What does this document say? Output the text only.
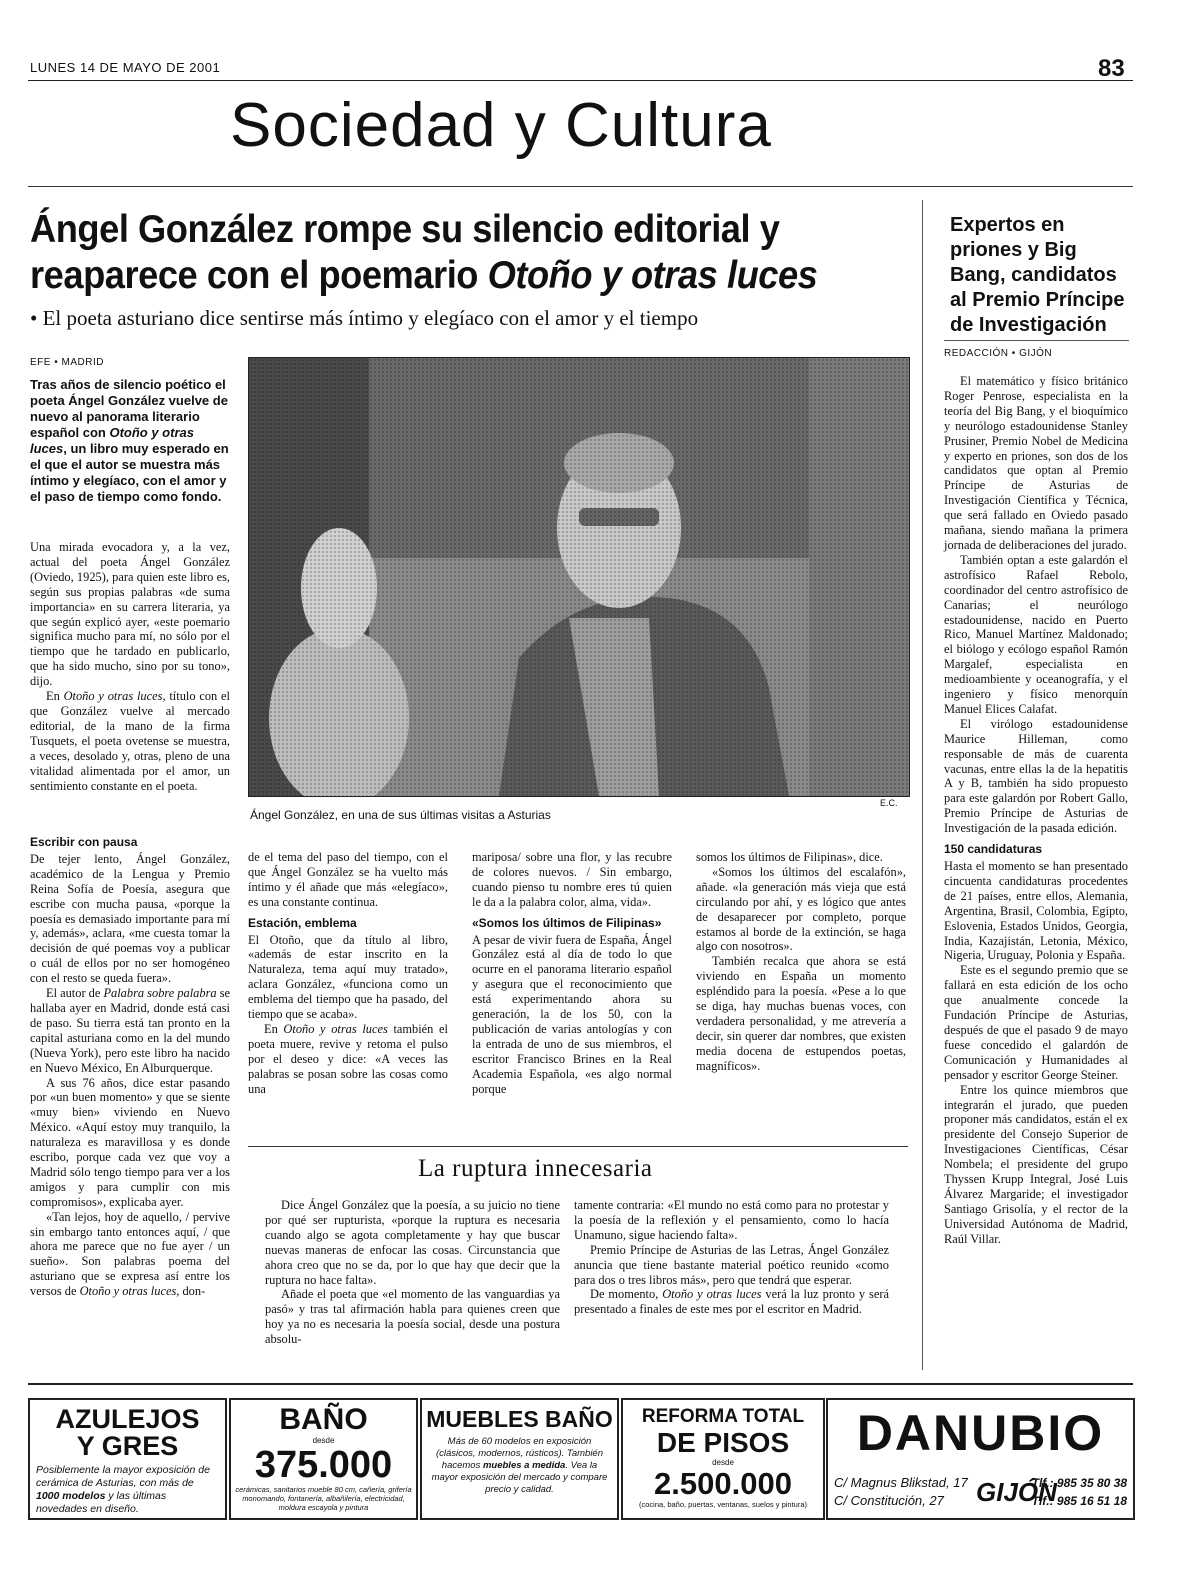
LUNES 14 DE MAYO DE 2001	83
Sociedad y Cultura
Ángel González rompe su silencio editorial y
reaparece con el poemario Otoño y otras luces
• El poeta asturiano dice sentirse más íntimo y elegíaco con el amor y el tiempo
EFE • MADRID
Tras años de silencio poético el poeta Ángel González vuelve de nuevo al panorama literario español con Otoño y otras luces, un libro muy esperado en el que el autor se muestra más íntimo y elegíaco, con el amor y el paso de tiempo como fondo.

Una mirada evocadora y, a la vez, actual del poeta Ángel González (Oviedo, 1925), para quien este libro es, según sus propias palabras «de suma importancia» en su carrera literaria, ya que según explicó ayer, «este poemario significa mucho para mí, no sólo por el tiempo que he tardado en publicarlo, que ha sido mucho, sino por su tono», dijo.

En Otoño y otras luces, título con el que González vuelve al mercado editorial, de la mano de la firma Tusquets, el poeta ovetense se muestra, a veces, desolado y, otras, pleno de una vitalidad alimentada por el amor, un sentimiento constante en el poeta.

Escribir con pausa

De tejer lento, Ángel González, académico de la Lengua y Premio Reina Sofía de Poesía, asegura que escribe con mucha pausa, «porque la poesía es demasiado importante para mí y, además», aclara, «me cuesta tomar la decisión de qué poemas voy a publicar o cuál de ellos por no ser homogéneo con el resto se queda fuera».

El autor de Palabra sobre palabra se hallaba ayer en Madrid, donde está casi de paso. Su tierra está tan pronto en la capital asturiana como en la del mundo (Nueva York), pero este libro ha nacido en Nuevo México, En Alburquerque.

A sus 76 años, dice estar pasando por «un buen momento» y que se siente «muy bien» viviendo en Nuevo México. «Aquí estoy muy tranquilo, la naturaleza es maravillosa y es donde escribo, porque cada vez que voy a Madrid sólo tengo tiempo para ver a los amigos y para cumplir con mis compromisos», explicaba ayer.

«Tan lejos, hoy de aquello, / pervive sin embargo tanto entonces aquí, / que ahora me parece que no fue ayer / un sueño». Son palabras poema del asturiano que se expresa así entre los versos de Otoño y otras luces, don-

E.C.
Ángel González, en una de sus últimas visitas a Asturias

de el tema del paso del tiempo, con el que Ángel González se ha vuelto más íntimo y él añade que más «elegíaco», es una constante continua.

Estación, emblema

El Otoño, que da título al libro, «además de estar inscrito en la Naturaleza, tema aquí muy tratado», aclara González, «funciona como un emblema del tiempo que ha pasado, del tiempo que se acaba».

En Otoño y otras luces también el poeta muere, revive y retoma el pulso por el deseo y dice: «A veces las palabras se posan sobre las cosas como una

mariposa/ sobre una flor, y las recubre de colores nuevos. / Sin embargo, cuando pienso tu nombre eres tú quien le da a la palabra color, alma, vida».

«Somos los últimos de Filipinas»

A pesar de vivir fuera de España, Ángel González está al día de todo lo que ocurre en el panorama literario español y asegura que el reconocimiento que está experimentando ahora su generación, la de los 50, con la publicación de varias antologías y con la entrada de uno de sus miembros, el escritor Francisco Brines en la Real Academia Española, «es algo normal porque

somos los últimos de Filipinas», dice.

«Somos los últimos del escalafón», añade. «la generación más vieja que está circulando por ahí, y es lógico que antes de desaparecer por completo, porque estamos al borde de la extinción, se haga algo con nosotros».

También recalca que ahora se está viviendo en España un momento espléndido para la poesía. «Pese a lo que se diga, hay muchas buenas voces, con verdadera personalidad, y me atrevería a decir, sin querer dar nombres, que existen media docena de estupendos poetas, magníficos».

La ruptura innecesaria

Dice Ángel González que la poesía, a su juicio no tiene por qué ser rupturista, «porque la ruptura es necesaria cuando algo se agota completamente y hay que buscar nuevas maneras de enfocar las cosas. Circunstancia que ahora creo que no se da, por lo que hay que decir que la ruptura no hace falta».

Añade el poeta que «el momento de las vanguardias ya pasó» y tras tal afirmación habla para quienes creen que hoy ya no es necesaria la poesía social, desde una postura absolu-

tamente contraria: «El mundo no está como para no protestar y la poesía de la reflexión y el pensamiento, como lo hacía Unamuno, sigue haciendo falta».

Premio Príncipe de Asturias de las Letras, Ángel González anuncia que tiene bastante material poético reunido «como para dos o tres libros más», pero que tendrá que esperar.

De momento, Otoño y otras luces verá la luz pronto y será presentado a finales de este mes por el escritor en Madrid.

Expertos en priones y Big Bang, candidatos al Premio Príncipe de Investigación
REDACCIÓN • GIJÓN

El matemático y físico británico Roger Penrose, especialista en la teoría del Big Bang, y el bioquímico y neurólogo estadounidense Stanley Prusiner, Premio Nobel de Medicina y experto en priones, son dos de los candidatos que optan al Premio Príncipe de Asturias de Investigación Científica y Técnica, que será fallado en Oviedo pasado mañana, siendo mañana la primera jornada de deliberaciones del jurado.

También optan a este galardón el astrofísico Rafael Rebolo, coordinador del centro astrofísico de Canarias; el neurólogo estadounidense, nacido en Puerto Rico, Manuel Martínez Maldonado; el biólogo y ecólogo español Ramón Margalef, especialista en medioambiente y oceanografía, y el ingeniero y físico menorquín Manuel Elices Calafat.

El virólogo estadounidense Maurice Hilleman, como responsable de más de cuarenta vacunas, entre ellas la de la hepatitis A y B, también ha sido propuesto para este galardón por Robert Gallo, Premio Príncipe de Asturias de Investigación de la pasada edición.

150 candidaturas

Hasta el momento se han presentado cincuenta candidaturas procedentes de 21 países, entre ellos, Alemania, Argentina, Brasil, Colombia, Egipto, Eslovenia, Estados Unidos, Georgia, India, Kazajistán, Letonia, México, Nigeria, Uruguay, Polonia y España.

Este es el segundo premio que se fallará en esta edición de los ocho que anualmente concede la Fundación Príncipe de Asturias, después de que el pasado 9 de mayo fuese concedido el galardón de Comunicación y Humanidades al pensador y escritor George Steiner.

Entre los quince miembros que integrarán el jurado, que pueden proponer más candidatos, están el ex presidente del Consejo Superior de Investigaciones Científicas, César Nombela; el presidente del grupo Thyssen Krupp Integral, José Luis Álvarez Margaride; el investigador Santiago Grisolía, y el rector de la Universidad Autónoma de Madrid, Raúl Villar.

AZULEJOS
Y GRES
Posiblemente la mayor exposición de cerámica de Asturias, con más de 1000 modelos y las últimas novedades en diseño.
BAÑO
desde
375.000
cerámicas, sanitarios mueble 80 cm, cañería, grifería monomando, fontanería, albañilería, electricidad, moldura escayola y pintura
MUEBLES BAÑO
Más de 60 modelos en exposición (clásicos, modernos, rústicos). También hacemos muebles a medida. Vea la mayor exposición del mercado y compare precio y calidad.
REFORMA TOTAL
DE PISOS
desde
2.500.000
(cocina, baño, puertas, ventanas, suelos y pintura)
DANUBIO
C/ Magnus Blikstad, 17
C/ Constitución, 27	GIJÓN
Tlf.: 985 35 80 38
Tlf.: 985 16 51 18
